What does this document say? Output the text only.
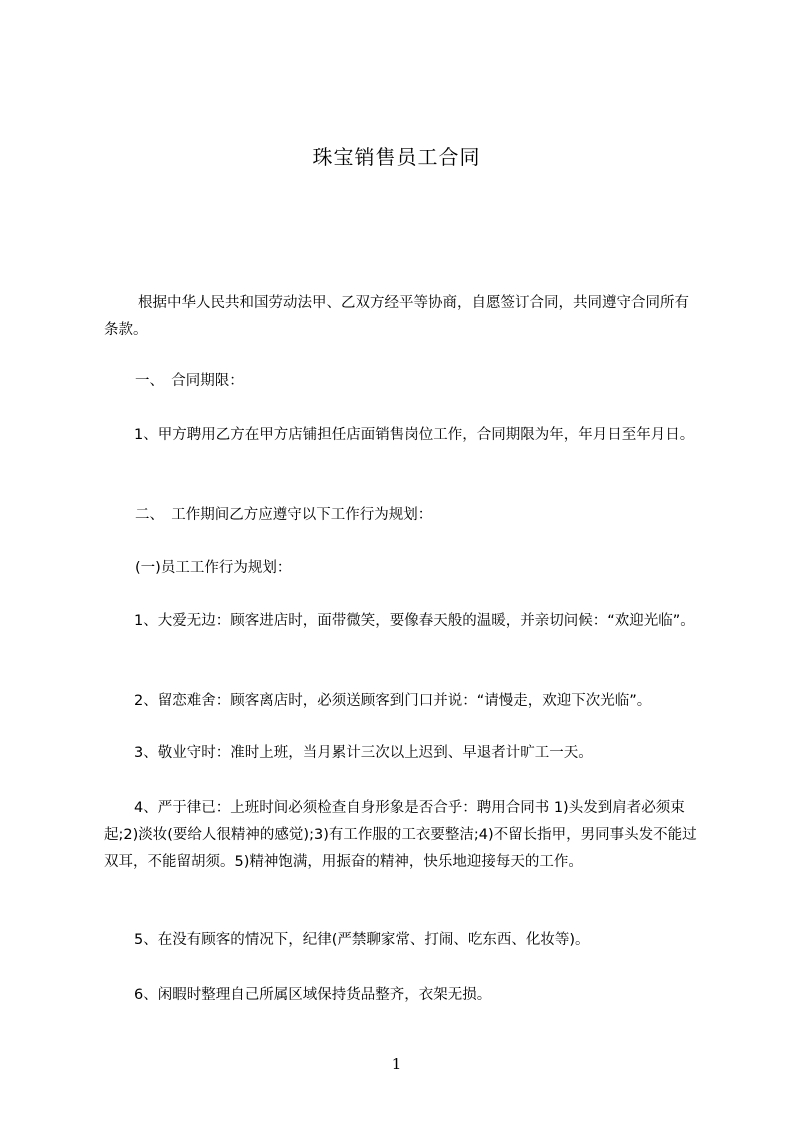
珠宝销售员工合同

根据中华人民共和国劳动法甲、乙双方经平等协商，自愿签订合同，共同遵守合同所有条款。

一、　合同期限：

1、甲方聘用乙方在甲方店铺担任店面销售岗位工作，合同期限为年，年月日至年月日。

二、　工作期间乙方应遵守以下工作行为规划：

(一)员工工作行为规划：

1、大爱无边：顾客进店时，面带微笑，要像春天般的温暖，并亲切问候：“欢迎光临”。

2、留恋难舍：顾客离店时，必须送顾客到门口并说：“请慢走，欢迎下次光临”。

3、敬业守时：准时上班，当月累计三次以上迟到、早退者计旷工一天。

4、严于律已：上班时间必须检查自身形象是否合乎：聘用合同书 1)头发到肩者必须束起;2)淡妆(要给人很精神的感觉);3)有工作服的工衣要整洁;4)不留长指甲，男同事头发不能过双耳，不能留胡须。5)精神饱满，用振奋的精神，快乐地迎接每天的工作。

5、在没有顾客的情况下，纪律(严禁聊家常、打闹、吃东西、化妆等)。

6、闲暇时整理自己所属区域保持货品整齐，衣架无损。

1
